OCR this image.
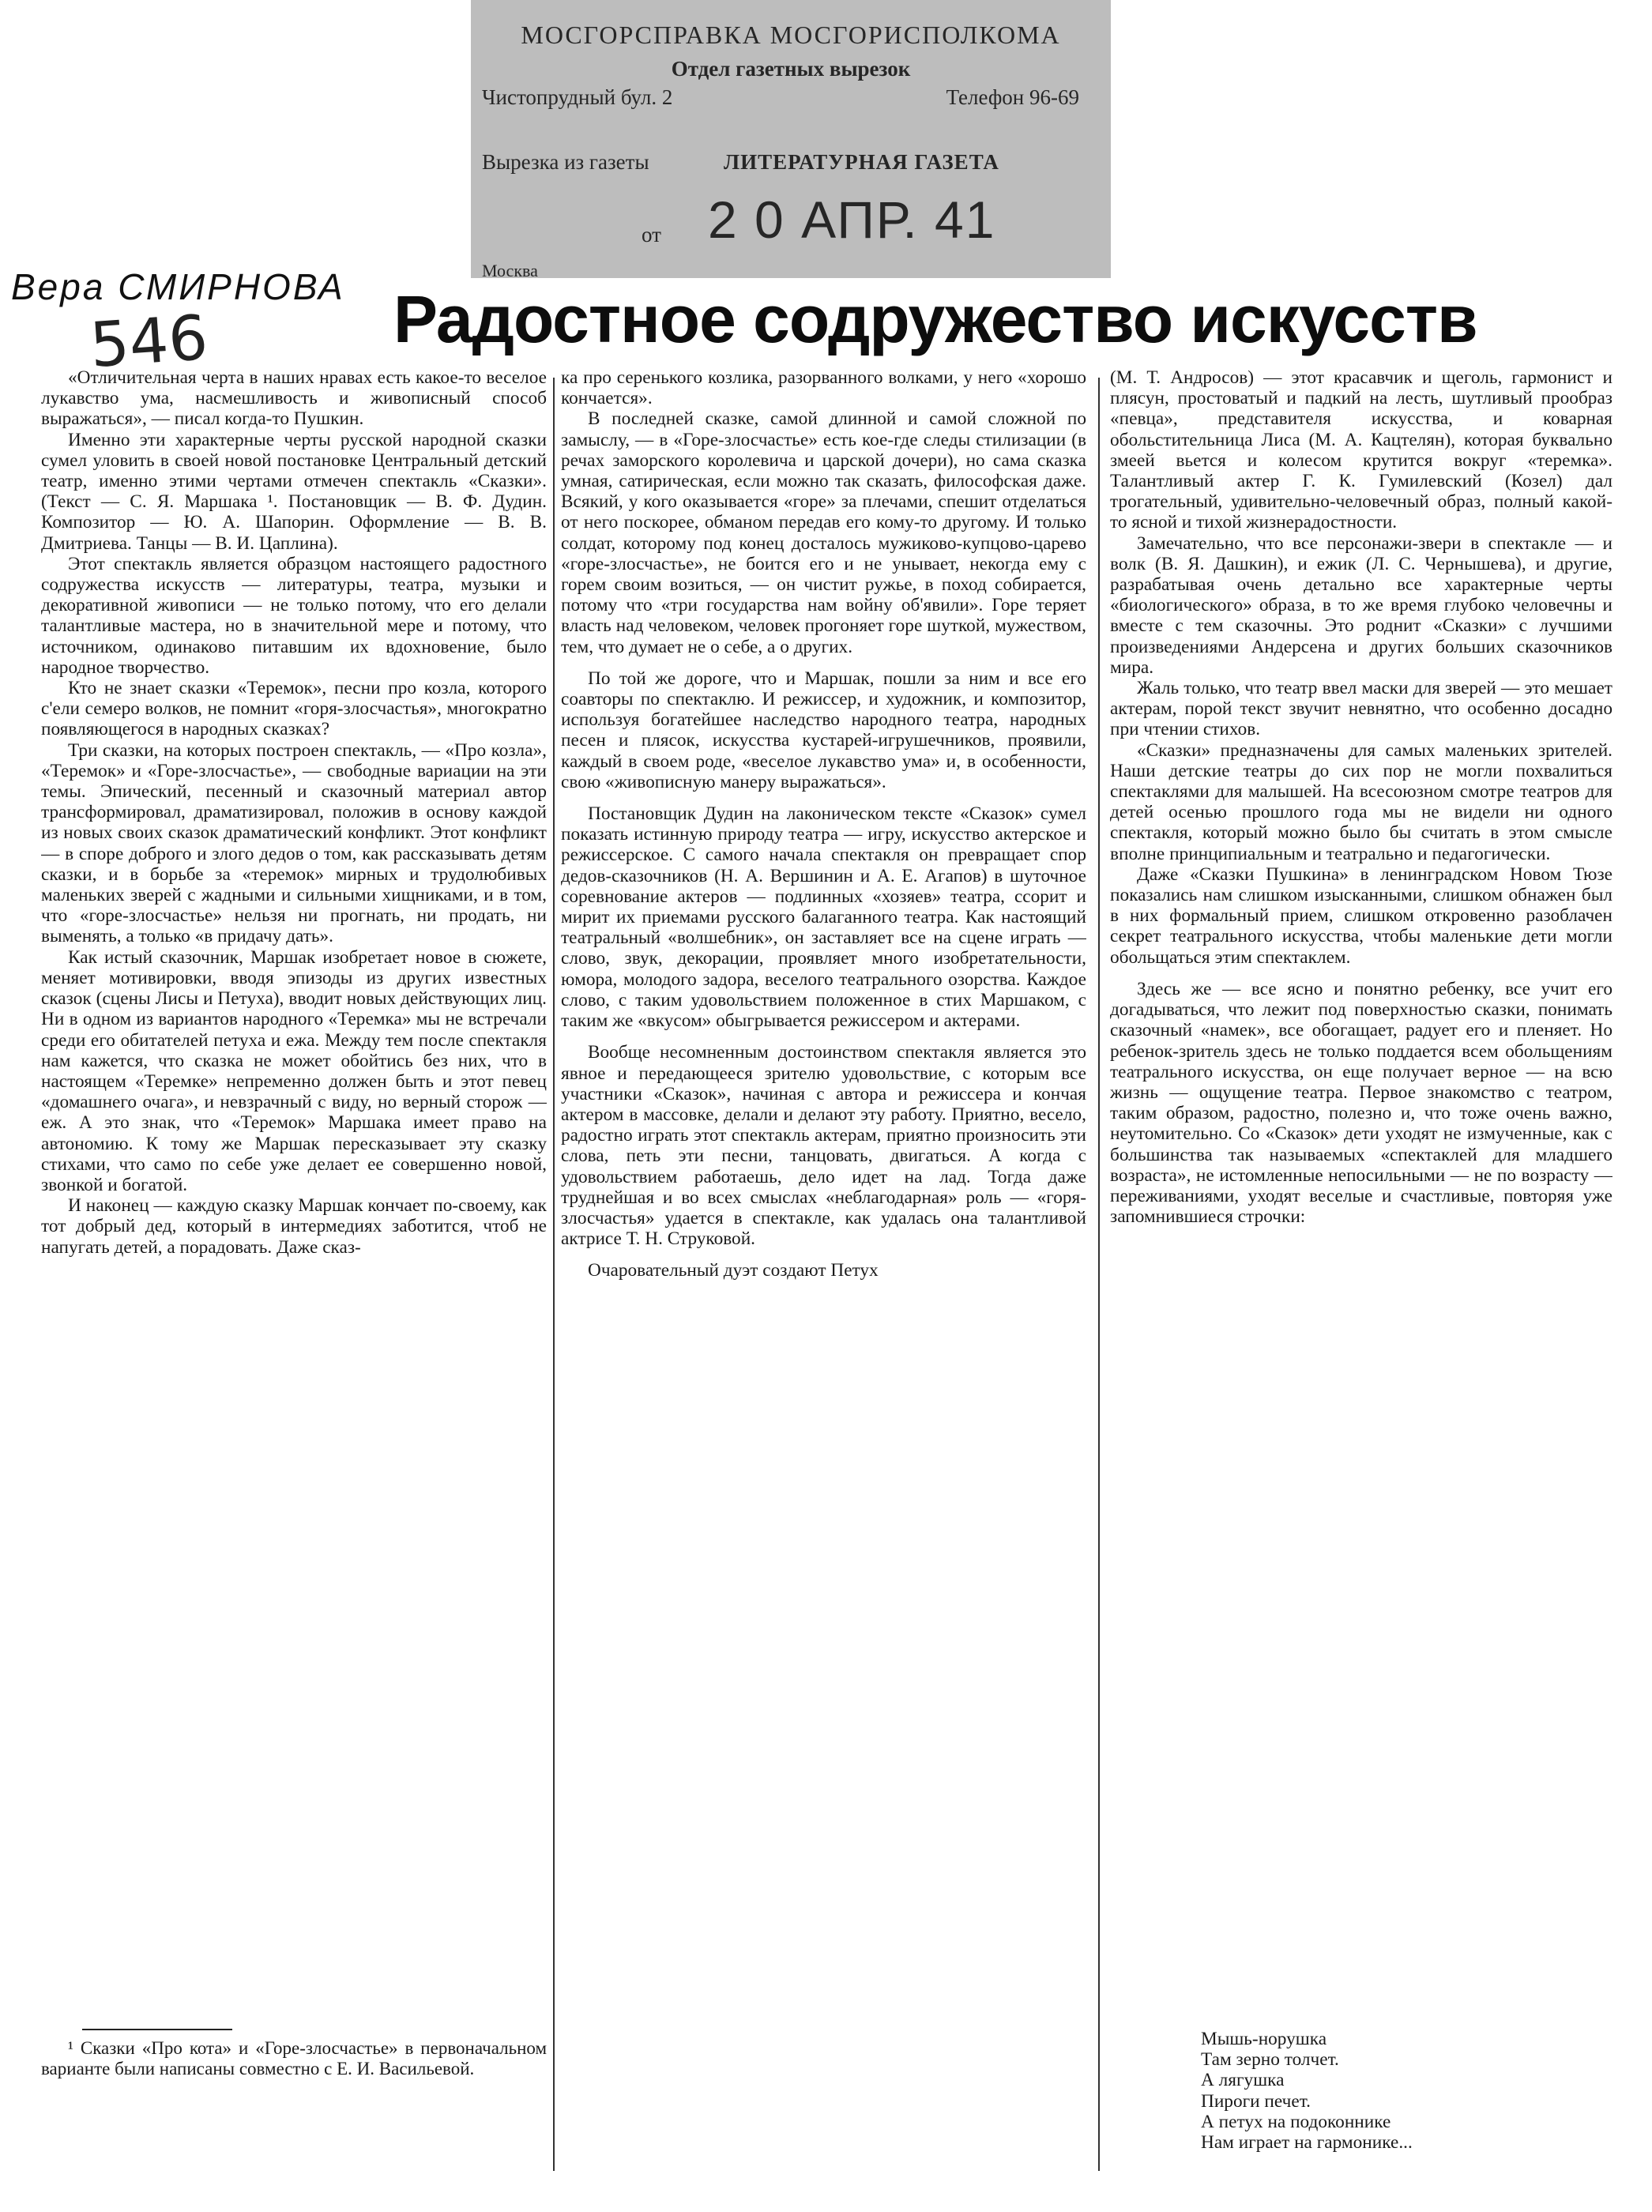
МОСГОРСПРАВКА МОСГОРИСПОЛКОМА
Отдел газетных вырезок
Чистопрудный бул. 2	Телефон 96-69
Вырезка из газеты	ЛИТЕРАТУРНАЯ ГАЗЕТА
от 2 0 АПР. 41
Москва
Вера СМИРНОВА
546	Радостное содружество искусств

«Отличительная черта в наших нравах есть какое-то веселое лукавство ума, насмешливость и живописный способ выражаться», — писал когда-то Пушкин.

Именно эти характерные черты русской народной сказки сумел уловить в своей новой постановке Центральный детский театр, именно этими чертами отмечен спектакль «Сказки». (Текст — С. Я. Маршака ¹. Постановщик — В. Ф. Дудин. Композитор — Ю. А. Шапорин. Оформление — В. В. Дмитриева. Танцы — В. И. Цаплина).

Этот спектакль является образцом настоящего радостного содружества искусств — литературы, театра, музыки и декоративной живописи — не только потому, что его делали талантливые мастера, но в значительной мере и потому, что источником, одинаково питавшим их вдохновение, было народное творчество.

Кто не знает сказки «Теремок», песни про козла, которого с'ели семеро волков, не помнит «горя-злосчастья», многократно появляющегося в народных сказках?

Три сказки, на которых построен спектакль, — «Про козла», «Теремок» и «Горе-злосчастье», — свободные вариации на эти темы. Эпический, песенный и сказочный материал автор трансформировал, драматизировал, положив в основу каждой из новых своих сказок драматический конфликт. Этот конфликт — в споре доброго и злого дедов о том, как рассказывать детям сказки, и в борьбе за «теремок» мирных и трудолюбивых маленьких зверей с жадными и сильными хищниками, и в том, что «горе-злосчастье» нельзя ни прогнать, ни продать, ни выменять, а только «в придачу дать».

Как истый сказочник, Маршак изобретает новое в сюжете, меняет мотивировки, вводя эпизоды из других известных сказок (сцены Лисы и Петуха), вводит новых действующих лиц. Ни в одном из вариантов народного «Теремка» мы не встречали среди его обитателей петуха и ежа. Между тем после спектакля нам кажется, что сказка не может обойтись без них, что в настоящем «Теремке» непременно должен быть и этот певец «домашнего очага», и невзрачный с виду, но верный сторож — еж. А это знак, что «Теремок» Маршака имеет право на автономию. К тому же Маршак пересказывает эту сказку стихами, что само по себе уже делает ее совершенно новой, звонкой и богатой.

И наконец — каждую сказку Маршак кончает по-своему, как тот добрый дед, который в интермедиях заботится, чтоб не напугать детей, а порадовать. Даже сказ-

¹ Сказки «Про кота» и «Горе-злосчастье» в первоначальном варианте были написаны совместно с Е. И. Васильевой.

ка про серенького козлика, разорванного волками, у него «хорошо кончается».

В последней сказке, самой длинной и самой сложной по замыслу, — в «Горе-злосчастье» есть кое-где следы стилизации (в речах заморского королевича и царской дочери), но сама сказка умная, сатирическая, если можно так сказать, философская даже. Всякий, у кого оказывается «горе» за плечами, спешит отделаться от него поскорее, обманом передав его кому-то другому. И только солдат, которому под конец досталось мужиково-купцово-царево «горе-злосчастье», не боится его и не унывает, некогда ему с горем своим возиться, — он чистит ружье, в поход собирается, потому что «три государства нам войну об'явили». Горе теряет власть над человеком, человек прогоняет горе шуткой, мужеством, тем, что думает не о себе, а о других.

По той же дороге, что и Маршак, пошли за ним и все его соавторы по спектаклю. И режиссер, и художник, и композитор, используя богатейшее наследство народного театра, народных песен и плясок, искусства кустарей-игрушечников, проявили, каждый в своем роде, «веселое лукавство ума» и, в особенности, свою «живописную манеру выражаться».

Постановщик Дудин на лаконическом тексте «Сказок» сумел показать истинную природу театра — игру, искусство актерское и режиссерское. С самого начала спектакля он превращает спор дедов-сказочников (Н. А. Вершинин и А. Е. Агапов) в шуточное соревнование актеров — подлинных «хозяев» театра, ссорит и мирит их приемами русского балаганного театра. Как настоящий театральный «волшебник», он заставляет все на сцене играть — слово, звук, декорации, проявляет много изобретательности, юмора, молодого задора, веселого театрального озорства. Каждое слово, с таким удовольствием положенное в стих Маршаком, с таким же «вкусом» обыгрывается режиссером и актерами.

Вообще несомненным достоинством спектакля является это явное и передающееся зрителю удовольствие, с которым все участники «Сказок», начиная с автора и режиссера и кончая актером в массовке, делали и делают эту работу. Приятно, весело, радостно играть этот спектакль актерам, приятно произносить эти слова, петь эти песни, танцовать, двигаться. А когда с удовольствием работаешь, дело идет на лад. Тогда даже труднейшая и во всех смыслах «неблагодарная» роль — «горя-злосчастья» удается в спектакле, как удалась она талантливой актрисе Т. Н. Струковой.

Очаровательный дуэт создают Петух

(М. Т. Андросов) — этот красавчик и щеголь, гармонист и плясун, простоватый и падкий на лесть, шутливый прообраз «певца», представителя искусства, и коварная обольстительница Лиса (М. А. Кацтелян), которая буквально змеей вьется и колесом крутится вокруг «теремка». Талантливый актер Г. К. Гумилевский (Козел) дал трогательный, удивительно-человечный образ, полный какой-то ясной и тихой жизнерадостности.

Замечательно, что все персонажи-звери в спектакле — и волк (В. Я. Дашкин), и ежик (Л. С. Чернышева), и другие, разрабатывая очень детально все характерные черты «биологического» образа, в то же время глубоко человечны и вместе с тем сказочны. Это роднит «Сказки» с лучшими произведениями Андерсена и других больших сказочников мира.

Жаль только, что театр ввел маски для зверей — это мешает актерам, порой текст звучит невнятно, что особенно досадно при чтении стихов.

«Сказки» предназначены для самых маленьких зрителей. Наши детские театры до сих пор не могли похвалиться спектаклями для малышей. На всесоюзном смотре театров для детей осенью прошлого года мы не видели ни одного спектакля, который можно было бы считать в этом смысле вполне принципиальным и театрально и педагогически.

Даже «Сказки Пушкина» в ленинградском Новом Тюзе показались нам слишком изысканными, слишком обнажен был в них формальный прием, слишком откровенно разоблачен секрет театрального искусства, чтобы маленькие дети могли обольщаться этим спектаклем.

Здесь же — все ясно и понятно ребенку, все учит его догадываться, что лежит под поверхностью сказки, понимать сказочный «намек», все обогащает, радует его и пленяет. Но ребенок-зритель здесь не только поддается всем обольщениям театрального искусства, он еще получает верное — на всю жизнь — ощущение театра. Первое знакомство с театром, таким образом, радостно, полезно и, что тоже очень важно, неутомительно. Со «Сказок» дети уходят не измученные, как с большинства так называемых «спектаклей для младшего возраста», не истомленные непосильными — не по возрасту — переживаниями, уходят веселые и счастливые, повторяя уже запомнившиеся строчки:

Мышь-норушка
Там зерно толчет.
А лягушка
Пироги печет.
А петух на подоконнике
Нам играет на гармонике...
